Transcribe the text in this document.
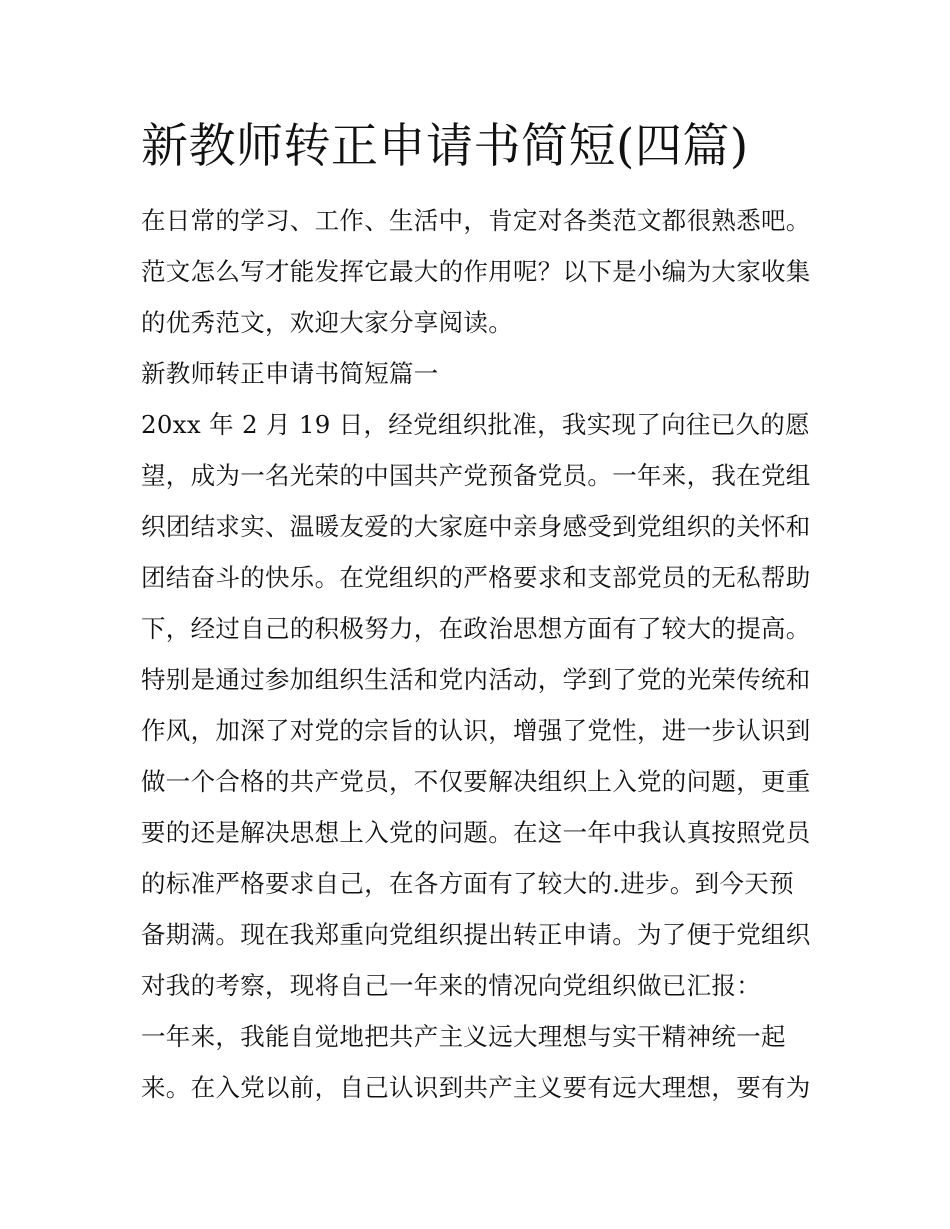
新教师转正申请书简短(四篇)

在日常的学习、工作、生活中，肯定对各类范文都很熟悉吧。

范文怎么写才能发挥它最大的作用呢？以下是小编为大家收集

的优秀范文，欢迎大家分享阅读。

新教师转正申请书简短篇一

20xx 年 2 月 19 日，经党组织批准，我实现了向往已久的愿

望，成为一名光荣的中国共产党预备党员。一年来，我在党组

织团结求实、温暖友爱的大家庭中亲身感受到党组织的关怀和

团结奋斗的快乐。在党组织的严格要求和支部党员的无私帮助

下，经过自己的积极努力，在政治思想方面有了较大的提高。

特别是通过参加组织生活和党内活动，学到了党的光荣传统和

作风，加深了对党的宗旨的认识，增强了党性，进一步认识到

做一个合格的共产党员，不仅要解决组织上入党的问题，更重

要的还是解决思想上入党的问题。在这一年中我认真按照党员

的标准严格要求自己，在各方面有了较大的.进步。到今天预

备期满。现在我郑重向党组织提出转正申请。为了便于党组织

对我的考察，现将自己一年来的情况向党组织做已汇报：

一年来，我能自觉地把共产主义远大理想与实干精神统一起

来。在入党以前，自己认识到共产主义要有远大理想，要有为
